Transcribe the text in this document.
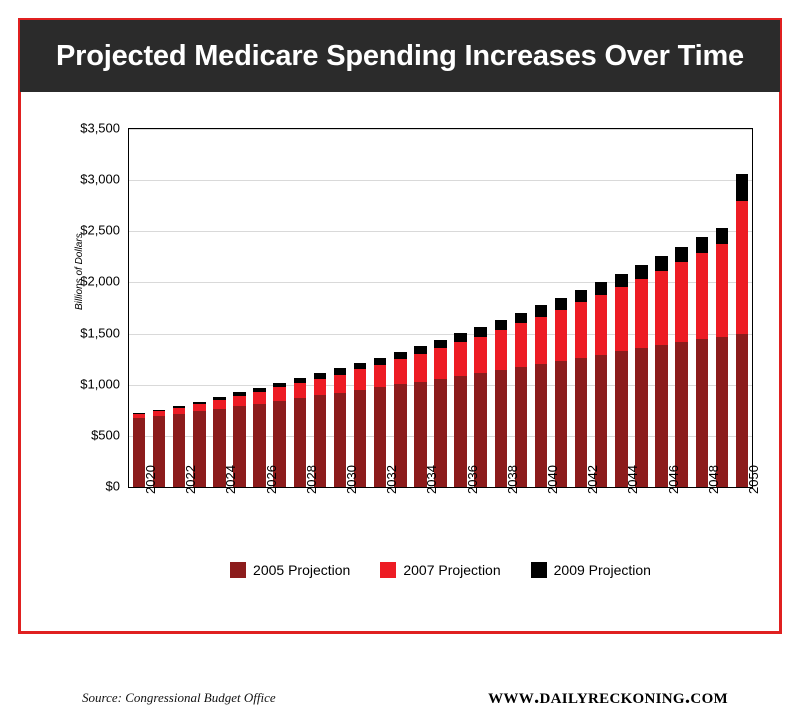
Projected Medicare Spending Increases Over Time
Billions of Dollars
$0
$500
$1,000
$1,500
$2,000
$2,500
$3,000
$3,500
2020 2022 2024 2026 2028 2030 2032 2034 2036 2038 2040 2042 2044 2046 2048 2050
2005 Projection	2007 Projection	2009 Projection
Source: Congressional Budget Office	www.dailyreckoning.com
